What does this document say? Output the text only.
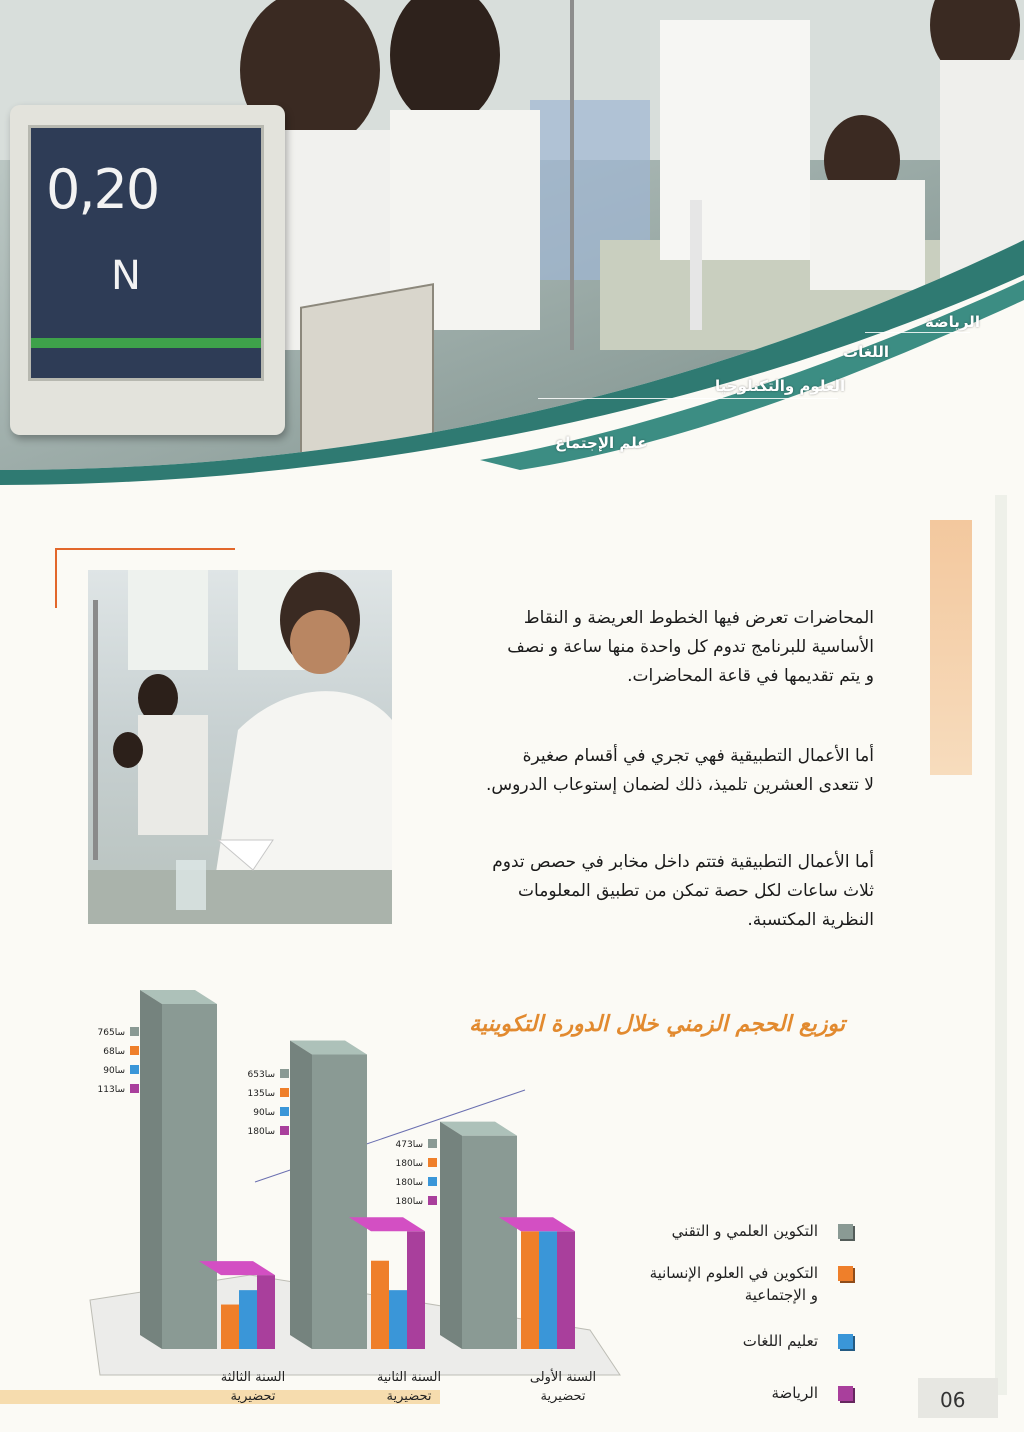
0,20
N
الرياضة
اللغات
العلوم والتكنلوجيا
علم الإجتماع
المحاضرات تعرض فيها الخطوط العريضة و النقاط
الأساسية للبرنامج تدوم كل واحدة منها ساعة و نصف
و يتم تقديمها في قاعة المحاضرات.
أما الأعمال التطبيقية فهي تجري في أقسام صغيرة
لا تتعدى العشرين تلميذ، ذلك لضمان إستوعاب الدروس.
أما الأعمال التطبيقية فتتم داخل مخابر في حصص تدوم
ثلاث ساعات لكل حصة تمكن من تطبيق المعلومات
النظرية المكتسبة.
توزيع الحجم الزمني خلال الدورة التكوينية
765سا
68سا
90سا
113سا
653سا
135سا
90سا
180سا
473سا
180سا
180سا
180سا
التكوين العلمي و التقني
التكوين في العلوم الإنسانية
و الإجتماعية
تعليم اللغات
الرياضة
السنة الثالثة
تحضيرية
السنة الثانية
تحضيرية
السنة الأولى
تحضيرية	06
